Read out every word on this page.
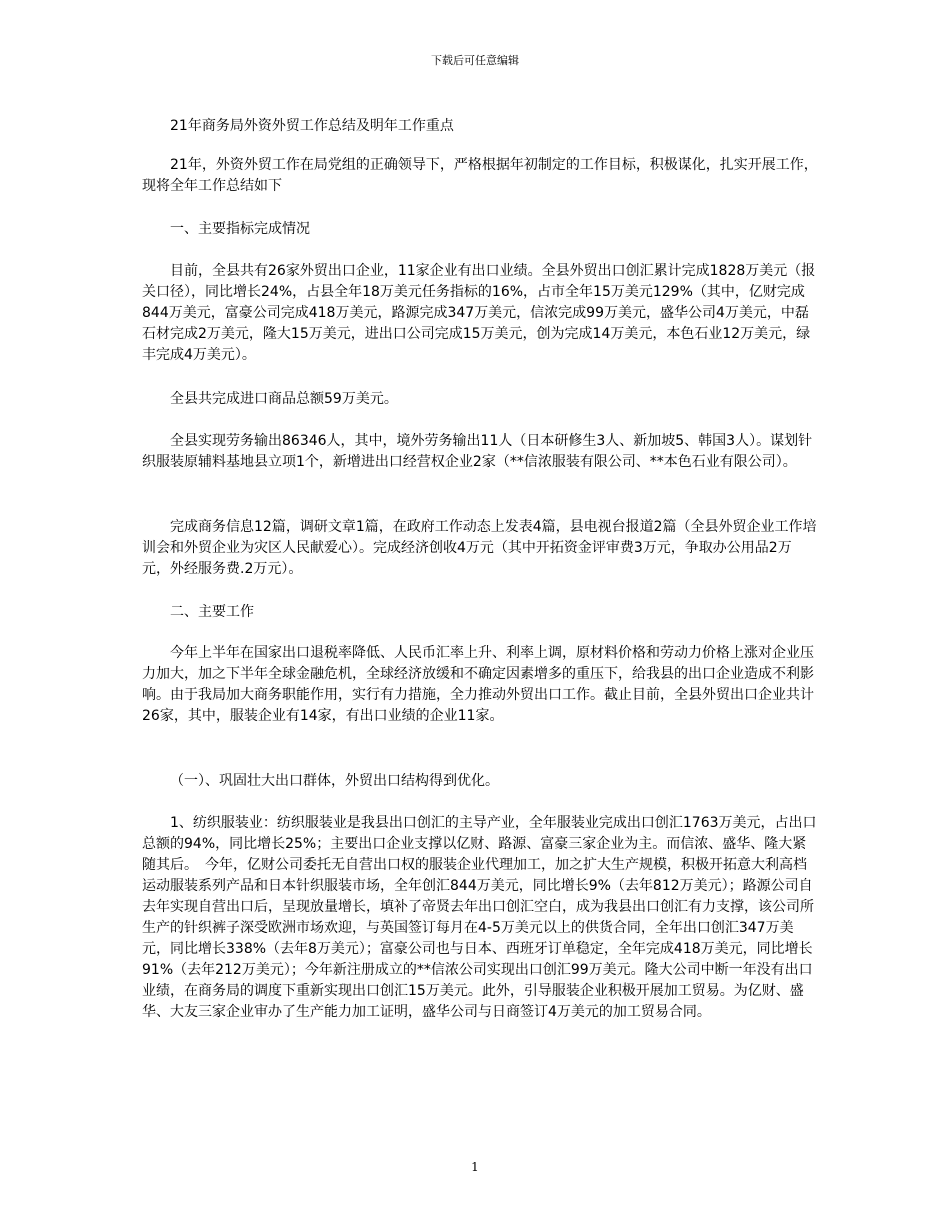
下载后可任意编辑

21年商务局外资外贸工作总结及明年工作重点

21年，外资外贸工作在局党组的正确领导下，严格根据年初制定的工作目标，积极谋化，扎实开展工作，现将全年工作总结如下

一、主要指标完成情况

目前，全县共有26家外贸出口企业，11家企业有出口业绩。全县外贸出口创汇累计完成1828万美元（报关口径），同比增长24%，占县全年18万美元任务指标的16%，占市全年15万美元129%（其中，亿财完成844万美元，富豪公司完成418万美元，路源完成347万美元，信浓完成99万美元，盛华公司4万美元，中磊石材完成2万美元，隆大15万美元，进出口公司完成15万美元，创为完成14万美元，本色石业12万美元，绿丰完成4万美元）。

全县共完成进口商品总额59万美元。

全县实现劳务输出86346人，其中，境外劳务输出11人（日本研修生3人、新加坡5、韩国3人）。谋划针织服装原辅料基地县立项1个，新增进出口经营权企业2家（**信浓服装有限公司、**本色石业有限公司）。

完成商务信息12篇，调研文章1篇，在政府工作动态上发表4篇，县电视台报道2篇（全县外贸企业工作培训会和外贸企业为灾区人民献爱心）。完成经济创收4万元（其中开拓资金评审费3万元，争取办公用品2万元，外经服务费.2万元）。

二、主要工作

今年上半年在国家出口退税率降低、人民币汇率上升、利率上调，原材料价格和劳动力价格上涨对企业压力加大，加之下半年全球金融危机，全球经济放缓和不确定因素增多的重压下，给我县的出口企业造成不利影响。由于我局加大商务职能作用，实行有力措施，全力推动外贸出口工作。截止目前，全县外贸出口企业共计26家，其中，服装企业有14家，有出口业绩的企业11家。

（一）、巩固壮大出口群体，外贸出口结构得到优化。

1、纺织服装业：纺织服装业是我县出口创汇的主导产业，全年服装业完成出口创汇1763万美元，占出口总额的94%，同比增长25%；主要出口企业支撑以亿财、路源、富豪三家企业为主。而信浓、盛华、隆大紧随其后。　今年，亿财公司委托无自营出口权的服装企业代理加工，加之扩大生产规模，积极开拓意大利高档运动服装系列产品和日本针织服装市场，全年创汇844万美元，同比增长9%（去年812万美元）；路源公司自去年实现自营出口后，呈现放量增长，填补了帝贤去年出口创汇空白，成为我县出口创汇有力支撑，该公司所生产的针织裤子深受欧洲市场欢迎，与英国签订每月在4-5万美元以上的供货合同，全年出口创汇347万美元，同比增长338%（去年8万美元）；富豪公司也与日本、西班牙订单稳定，全年完成418万美元，同比增长91%（去年212万美元）；今年新注册成立的**信浓公司实现出口创汇99万美元。隆大公司中断一年没有出口业绩，在商务局的调度下重新实现出口创汇15万美元。此外，引导服装企业积极开展加工贸易。为亿财、盛华、大友三家企业审办了生产能力加工证明，盛华公司与日商签订4万美元的加工贸易合同。

1
